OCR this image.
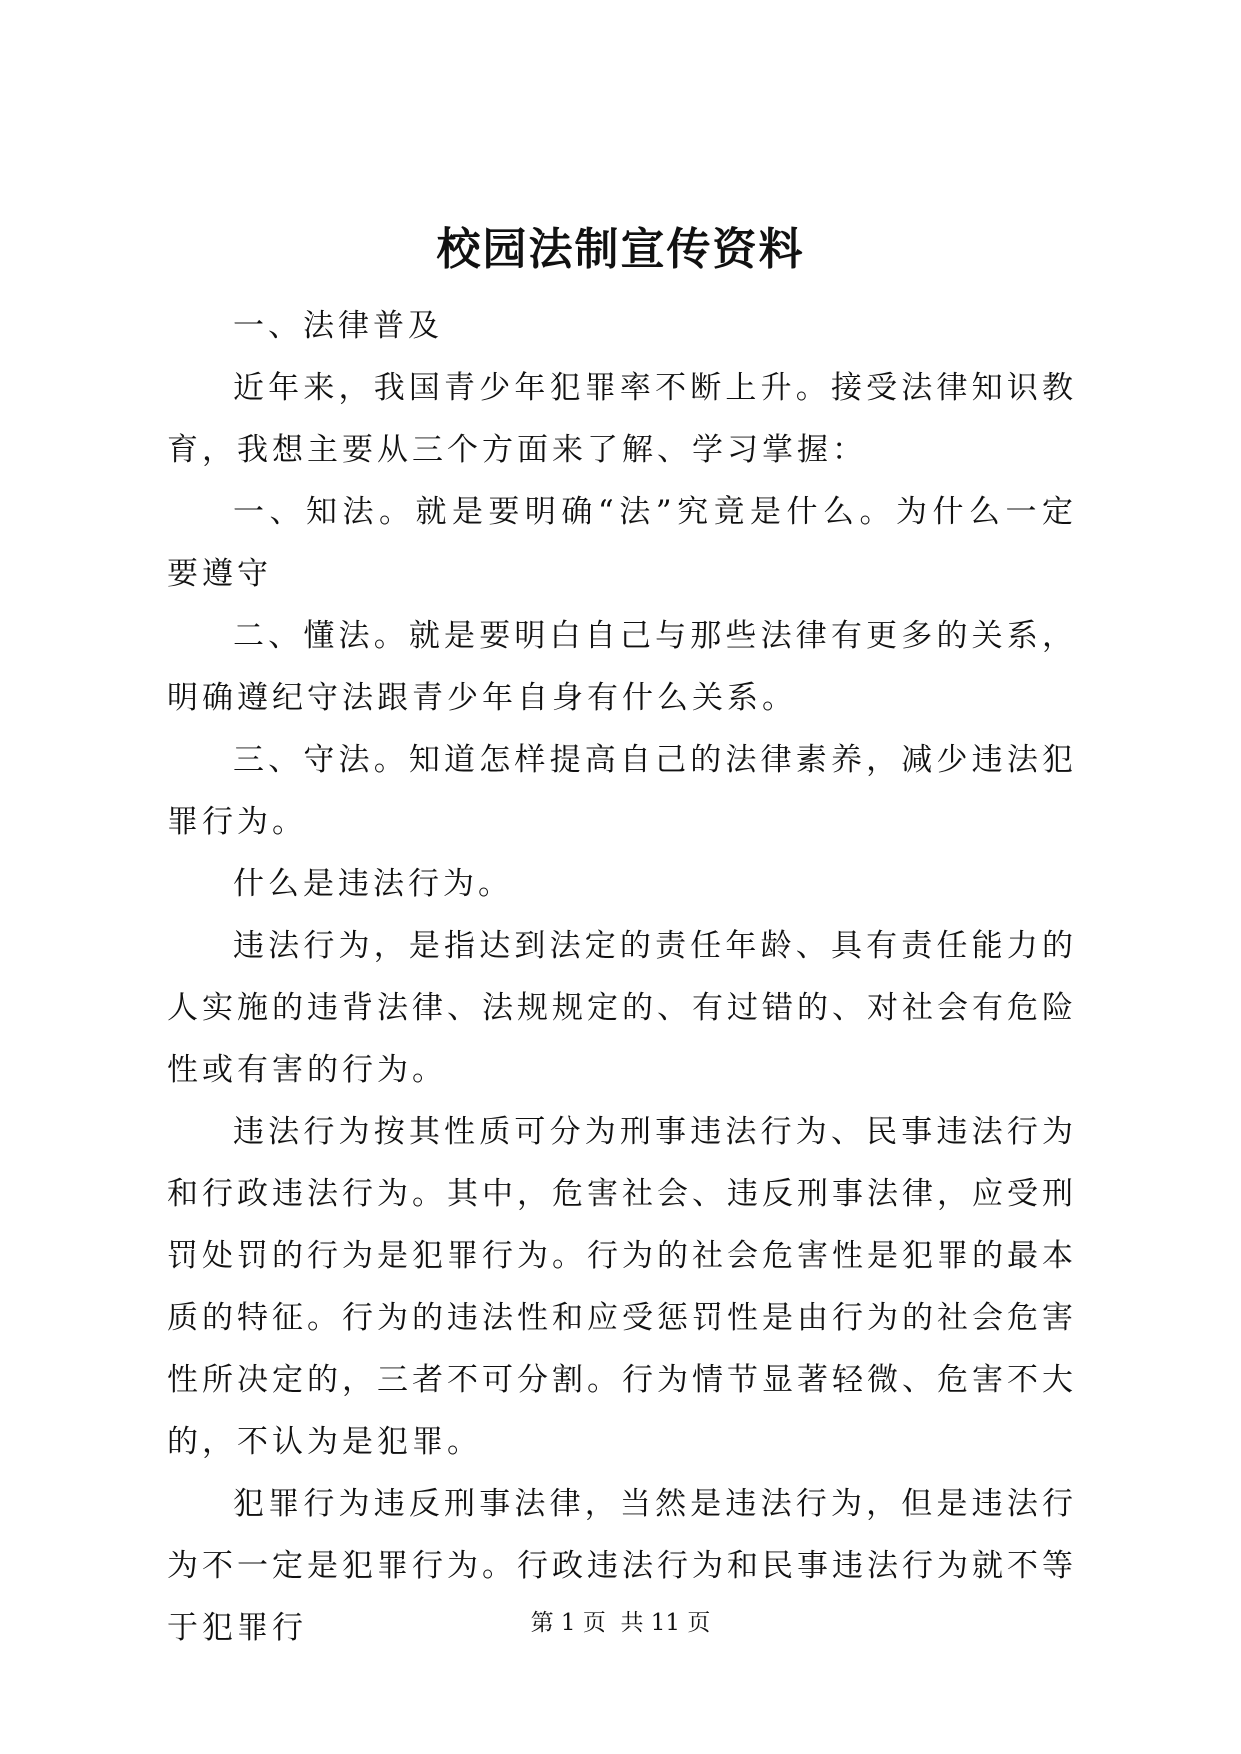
校园法制宣传资料

一、法律普及

近年来，我国青少年犯罪率不断上升。接受法律知识教育，我想主要从三个方面来了解、学习掌握：

一、知法。就是要明确“法”究竟是什么。为什么一定要遵守

二、懂法。就是要明白自己与那些法律有更多的关系，明确遵纪守法跟青少年自身有什么关系。

三、守法。知道怎样提高自己的法律素养，减少违法犯罪行为。

什么是违法行为。

违法行为，是指达到法定的责任年龄、具有责任能力的人实施的违背法律、法规规定的、有过错的、对社会有危险性或有害的行为。

违法行为按其性质可分为刑事违法行为、民事违法行为和行政违法行为。其中，危害社会、违反刑事法律，应受刑罚处罚的行为是犯罪行为。行为的社会危害性是犯罪的最本质的特征。行为的违法性和应受惩罚性是由行为的社会危害性所决定的，三者不可分割。行为情节显著轻微、危害不大的，不认为是犯罪。

犯罪行为违反刑事法律，当然是违法行为，但是违法行为不一定是犯罪行为。行政违法行为和民事违法行为就不等于犯罪行	第 1 页  共 11 页
